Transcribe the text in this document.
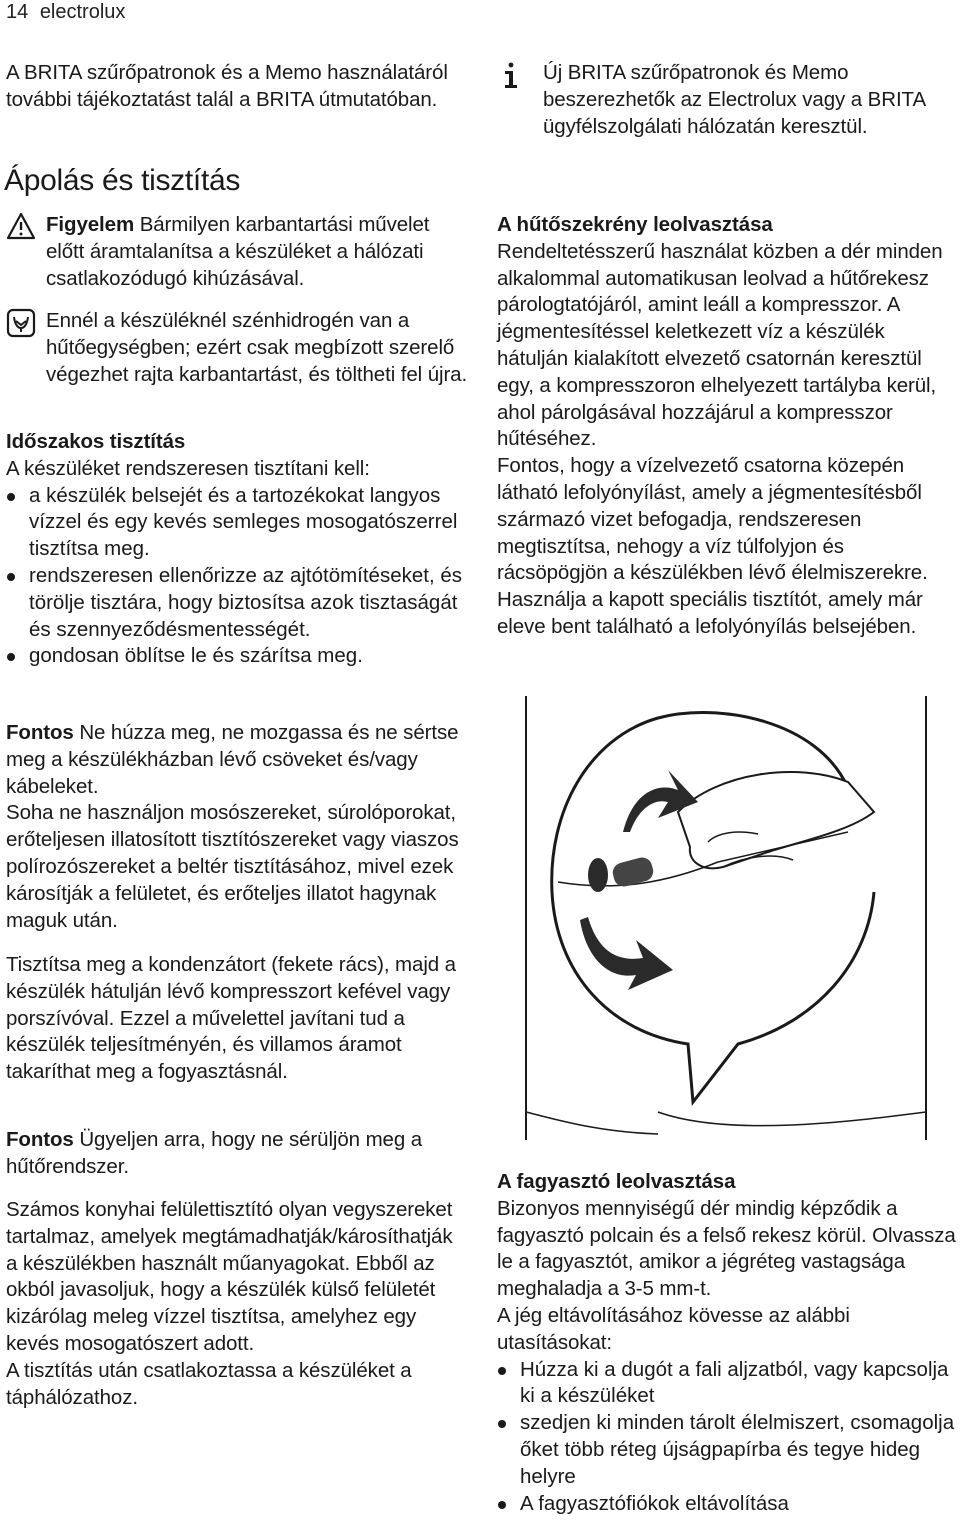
14 electrolux

A BRITA szűrőpatronok és a Memo használatáról további tájékoztatást talál a BRITA útmutatóban.

Ápolás és tisztítás

Figyelem Bármilyen karbantartási művelet előtt áramtalanítsa a készüléket a hálózati csatlakozódugó kihúzásával.

Ennél a készüléknél szénhidrogén van a hűtőegységben; ezért csak megbízott szerelő végezhet rajta karbantartást, és töltheti fel újra.

Időszakos tisztítás

A készüléket rendszeresen tisztítani kell:

a készülék belsejét és a tartozékokat langyos vízzel és egy kevés semleges mosogatószerrel tisztítsa meg.
rendszeresen ellenőrizze az ajtótömítéseket, és törölje tisztára, hogy biztosítsa azok tisztaságát és szennyeződésmentességét.
gondosan öblítse le és szárítsa meg.

Fontos Ne húzza meg, ne mozgassa és ne sértse meg a készülékházban lévő csöveket és/vagy kábeleket.

Soha ne használjon mosószereket, súrolóporokat, erőteljesen illatosított tisztítószereket vagy viaszos polírozószereket a beltér tisztításához, mivel ezek károsítják a felületet, és erőteljes illatot hagynak maguk után.

Tisztítsa meg a kondenzátort (fekete rács), majd a készülék hátulján lévő kompresszort kefével vagy porszívóval. Ezzel a művelettel javítani tud a készülék teljesítményén, és villamos áramot takaríthat meg a fogyasztásnál.

Fontos Ügyeljen arra, hogy ne sérüljön meg a hűtőrendszer.

Számos konyhai felülettisztító olyan vegyszereket tartalmaz, amelyek megtámadhatják/károsíthatják a készülékben használt műanyagokat. Ebből az okból javasoljuk, hogy a készülék külső felületét kizárólag meleg vízzel tisztítsa, amelyhez egy kevés mosogatószert adott.

A tisztítás után csatlakoztassa a készüléket a táphálózathoz.

Új BRITA szűrőpatronok és Memo beszerezhetők az Electrolux vagy a BRITA ügyfélszolgálati hálózatán keresztül.

A hűtőszekrény leolvasztása

Rendeltetésszerű használat közben a dér minden alkalommal automatikusan leolvad a hűtőrekesz párologtatójáról, amint leáll a kompresszor. A jégmentesítéssel keletkezett víz a készülék hátulján kialakított elvezető csatornán keresztül egy, a kompresszoron elhelyezett tartályba kerül, ahol párolgásával hozzájárul a kompresszor hűtéséhez.

Fontos, hogy a vízelvezető csatorna közepén látható lefolyónyílást, amely a jégmentesítésből származó vizet befogadja, rendszeresen megtisztítsa, nehogy a víz túlfolyjon és rácsöpögjön a készülékben lévő élelmiszerekre. Használja a kapott speciális tisztítót, amely már eleve bent található a lefolyónyílás belsejében.

A fagyasztó leolvasztása

Bizonyos mennyiségű dér mindig képződik a fagyasztó polcain és a felső rekesz körül. Olvassza le a fagyasztót, amikor a jégréteg vastagsága meghaladja a 3-5 mm-t.

A jég eltávolításához kövesse az alábbi utasításokat:

Húzza ki a dugót a fali aljzatból, vagy kapcsolja ki a készüléket
szedjen ki minden tárolt élelmiszert, csomagolja őket több réteg újságpapírba és tegye hideg helyre
A fagyasztófiókok eltávolítása
